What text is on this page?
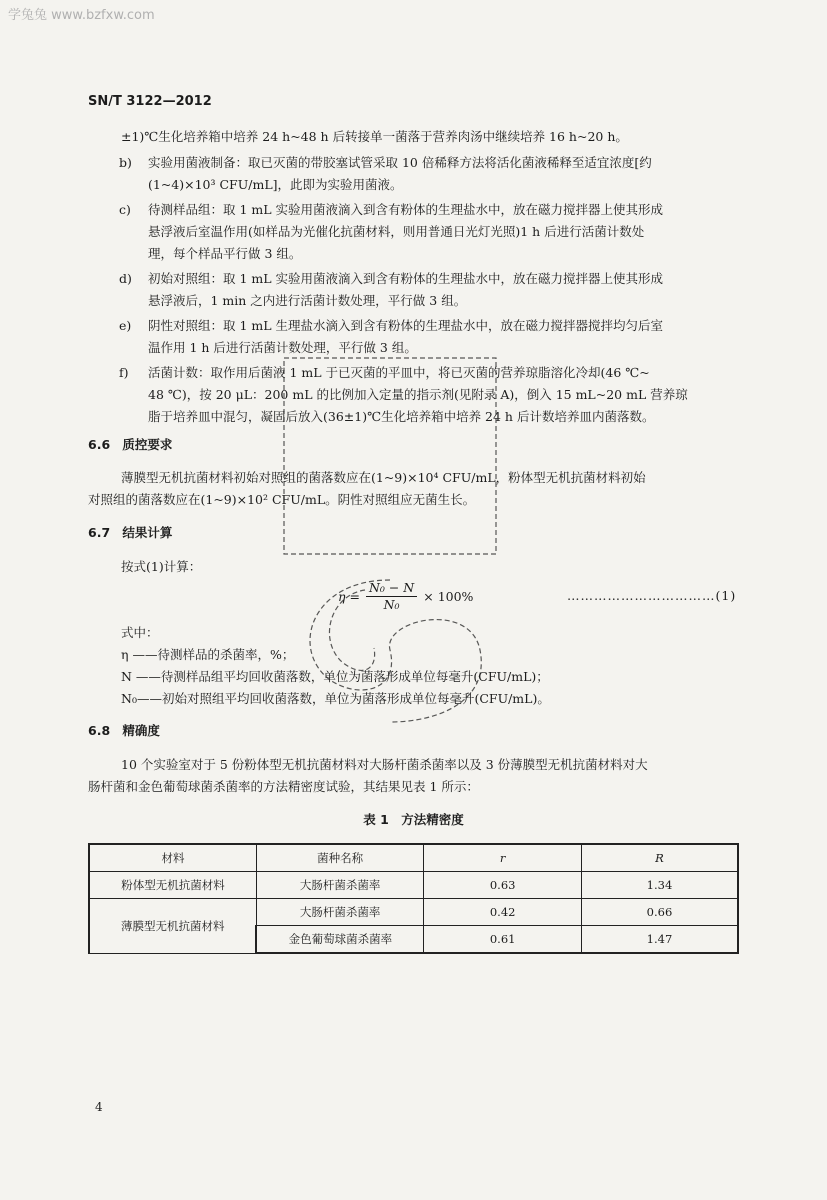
学兔兔 www.bzfxw.com
SN/T 3122—2012
±1)℃生化培养箱中培养 24 h~48 h 后转接单一菌落于营养肉汤中继续培养 16 h~20 h。
b) 实验用菌液制备：取已灭菌的带胶塞试管采取 10 倍稀释方法将活化菌液稀释至适宜浓度[约
(1~4)×10³ CFU/mL]，此即为实验用菌液。
c) 待测样品组：取 1 mL 实验用菌液滴入到含有粉体的生理盐水中，放在磁力搅拌器上使其形成
悬浮液后室温作用(如样品为光催化抗菌材料，则用普通日光灯光照)1 h 后进行活菌计数处
理，每个样品平行做 3 组。
d) 初始对照组：取 1 mL 实验用菌液滴入到含有粉体的生理盐水中，放在磁力搅拌器上使其形成
悬浮液后，1 min 之内进行活菌计数处理，平行做 3 组。
e) 阴性对照组：取 1 mL 生理盐水滴入到含有粉体的生理盐水中，放在磁力搅拌器搅拌均匀后室
温作用 1 h 后进行活菌计数处理，平行做 3 组。
f) 活菌计数：取作用后菌液 1 mL 于已灭菌的平皿中，将已灭菌的营养琼脂溶化冷却(46 ℃~
48 ℃)，按 20 μL：200 mL 的比例加入定量的指示剂(见附录 A)，倒入 15 mL~20 mL 营养琼
脂于培养皿中混匀，凝固后放入(36±1)℃生化培养箱中培养 24 h 后计数培养皿内菌落数。
6.6 质控要求
薄膜型无机抗菌材料初始对照组的菌落数应在(1~9)×10⁴ CFU/mL，粉体型无机抗菌材料初始
对照组的菌落数应在(1~9)×10² CFU/mL。阴性对照组应无菌生长。
6.7 结果计算
按式(1)计算：
$\eta = \frac{\text{N₀ − N}}{\text{N₀}} \times 100\%$	……………………………(1)
式中：
η ——待测样品的杀菌率，%；
N ——待测样品组平均回收菌落数，单位为菌落形成单位每毫升(CFU/mL)；
N₀——初始对照组平均回收菌落数，单位为菌落形成单位每毫升(CFU/mL)。
6.8 精确度
10 个实验室对于 5 份粉体型无机抗菌材料对大肠杆菌杀菌率以及 3 份薄膜型无机抗菌材料对大
肠杆菌和金色葡萄球菌杀菌率的方法精密度试验，其结果见表 1 所示：
表 1　方法精密度
材料	菌种名称	r	R
粉体型无机抗菌材料	大肠杆菌杀菌率	0.63	1.34
薄膜型无机抗菌材料	大肠杆菌杀菌率	0.42	0.66
	金色葡萄球菌杀菌率	0.61	1.47
4
